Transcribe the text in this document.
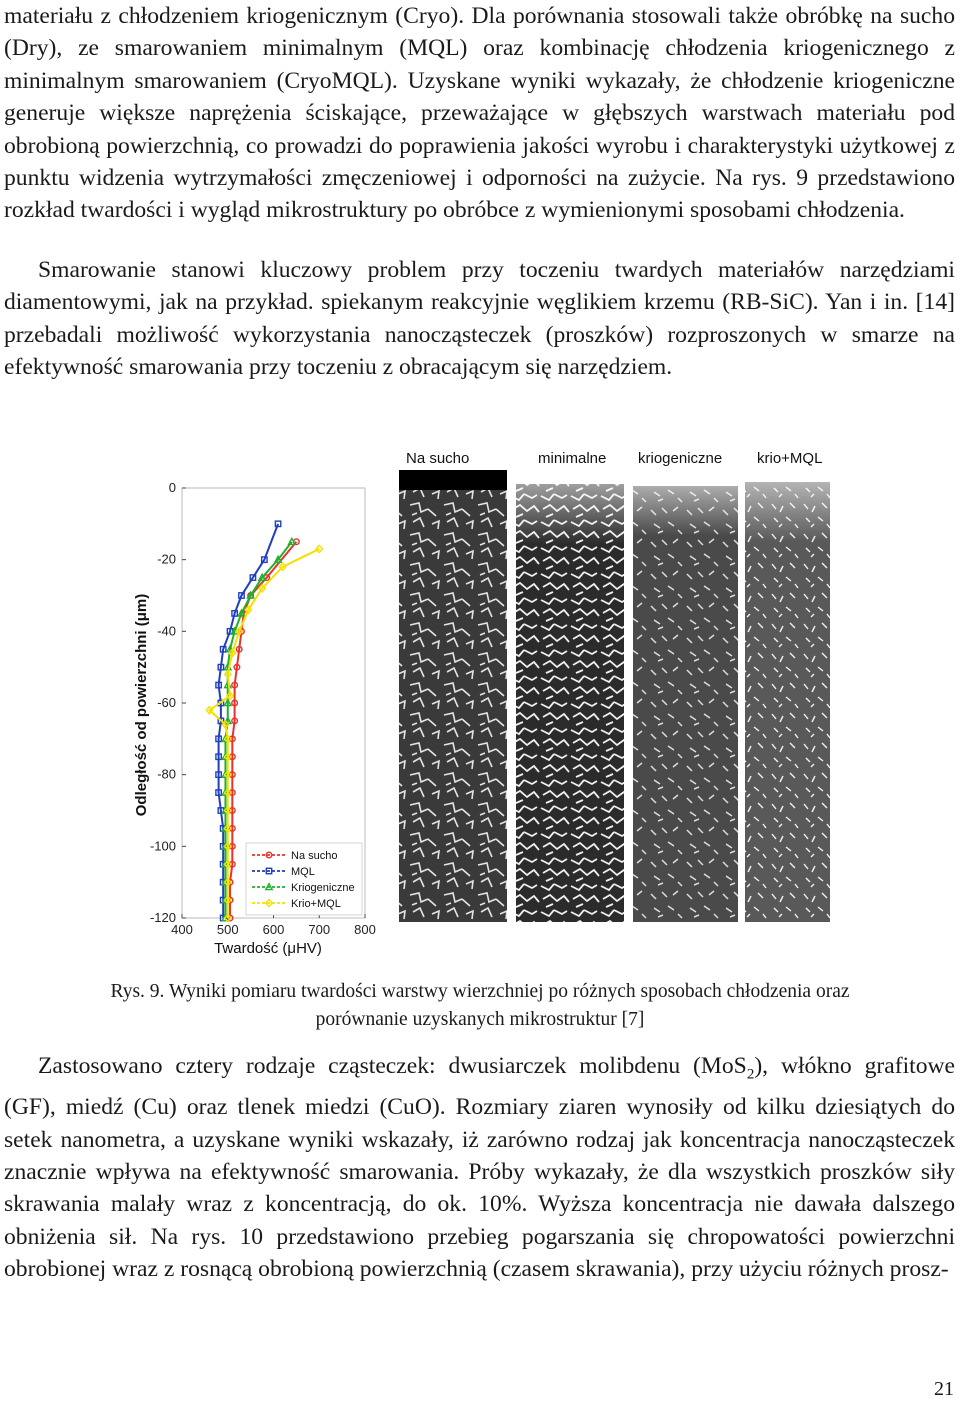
materiału z chłodzeniem kriogenicznym (Cryo). Dla porównania stosowali także obróbkę na sucho (Dry), ze smarowaniem minimalnym (MQL) oraz kombinację chłodzenia kriogenicznego z minimalnym smarowaniem (CryoMQL). Uzyskane wyniki wykazały, że chłodzenie kriogeniczne generuje większe naprężenia ściskające, przeważające w głębszych warstwach materiału pod obrobioną powierzchnią, co prowadzi do poprawienia jakości wyrobu i charakterystyki użytkowej z punktu widzenia wytrzymałości zmęczeniowej i odporności na zużycie. Na rys. 9 przedstawiono rozkład twardości i wygląd mikrostruktury po obróbce z wymienionymi sposobami chłodzenia.

Smarowanie stanowi kluczowy problem przy toczeniu twardych materiałów narzędziami diamentowymi, jak na przykład. spiekanym reakcyjnie węglikiem krzemu (RB-SiC). Yan i in. [14] przebadali możliwość wykorzystania nanocząsteczek (proszków) rozproszonych w smarze na efektywność smarowania przy toczeniu z obracającym się narzędziem.

Na sucho	minimalne kriogeniczne krio+MQL
400 500 600 700 800
0
-20
-40
-60
-80
-100
-120
Odległość od powierzchni (μm)
Twardość (μHV)
Na sucho
MQL
Kriogeniczne
Krio+MQL
Rys. 9. Wyniki pomiaru twardości warstwy wierzchniej po różnych sposobach chłodzenia oraz
porównanie uzyskanych mikrostruktur [7]

Zastosowano cztery rodzaje cząsteczek: dwusiarczek molibdenu (MoS$_2$), włókno grafitowe (GF), miedź (Cu) oraz tlenek miedzi (CuO). Rozmiary ziaren wynosiły od kilku dziesiątych do setek nanometra, a uzyskane wyniki wskazały, iż zarówno rodzaj jak koncentracja nanocząsteczek znacznie wpływa na efektywność smarowania. Próby wykazały, że dla wszystkich proszków siły skrawania malały wraz z koncentracją, do ok. 10%. Wyższa koncentracja nie dawała dalszego obniżenia sił. Na rys. 10 przedstawiono przebieg pogarszania się chropowatości powierzchni obrobionej wraz z rosnącą obrobioną powierzchnią (czasem skrawania), przy użyciu różnych prosz-

21
